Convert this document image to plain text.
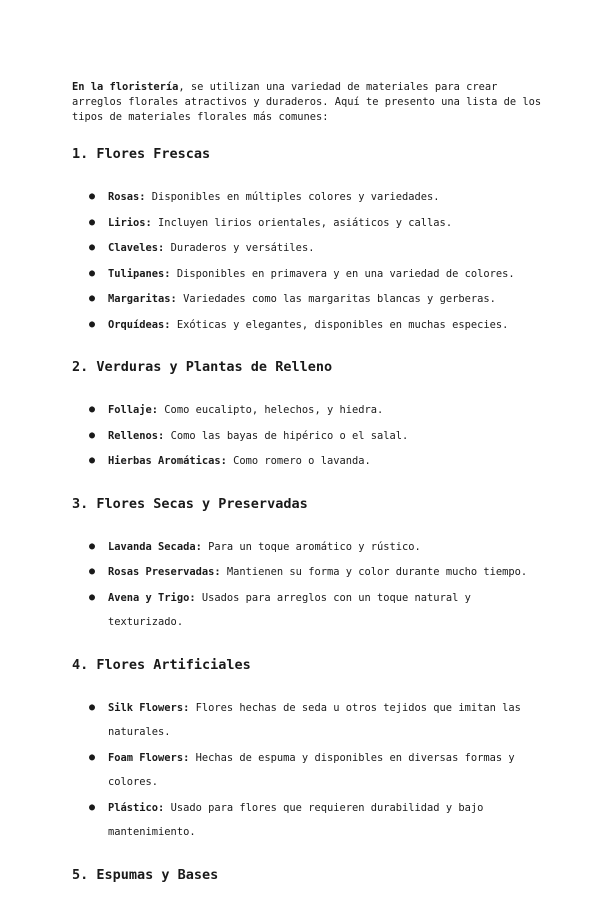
En la floristería, se utilizan una variedad de materiales para crear arreglos florales atractivos y duraderos. Aquí te presento una lista de los tipos de materiales florales más comunes:

1. Flores Frescas
● Rosas: Disponibles en múltiples colores y variedades.
● Lirios: Incluyen lirios orientales, asiáticos y callas.
● Claveles: Duraderos y versátiles.
● Tulipanes: Disponibles en primavera y en una variedad de colores.
● Margaritas: Variedades como las margaritas blancas y gerberas.
● Orquídeas: Exóticas y elegantes, disponibles en muchas especies.
2. Verduras y Plantas de Relleno
● Follaje: Como eucalipto, helechos, y hiedra.
● Rellenos: Como las bayas de hipérico o el salal.
● Hierbas Aromáticas: Como romero o lavanda.
3. Flores Secas y Preservadas
● Lavanda Secada: Para un toque aromático y rústico.
● Rosas Preservadas: Mantienen su forma y color durante mucho tiempo.
● Avena y Trigo: Usados para arreglos con un toque natural y texturizado.
4. Flores Artificiales
● Silk Flowers: Flores hechas de seda u otros tejidos que imitan las naturales.
● Foam Flowers: Hechas de espuma y disponibles en diversas formas y colores.
● Plástico: Usado para flores que requieren durabilidad y bajo mantenimiento.
5. Espumas y Bases
